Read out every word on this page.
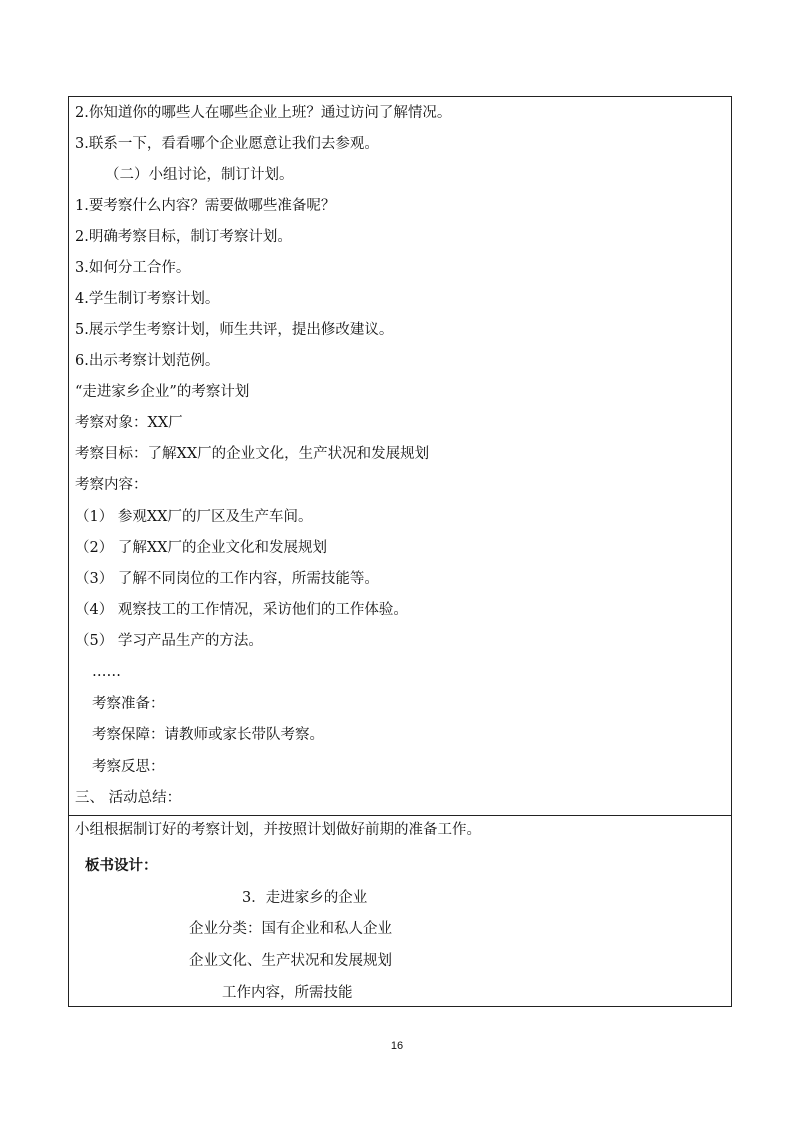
2.你知道你的哪些人在哪些企业上班？通过访问了解情况。
3.联系一下，看看哪个企业愿意让我们去参观。
（二）小组讨论，制订计划。
1.要考察什么内容？需要做哪些准备呢？
2.明确考察目标，制订考察计划。
3.如何分工合作。
4.学生制订考察计划。
5.展示学生考察计划，师生共评，提出修改建议。
6.出示考察计划范例。
“走进家乡企业”的考察计划
考察对象：XX厂
考察目标：了解XX厂的企业文化，生产状况和发展规划
考察内容：
（1） 参观XX厂的厂区及生产车间。
（2） 了解XX厂的企业文化和发展规划
（3） 了解不同岗位的工作内容，所需技能等。
（4） 观察技工的工作情况，采访他们的工作体验。
（5） 学习产品生产的方法。
……
考察准备：
考察保障：请教师或家长带队考察。
考察反思：
三、 活动总结：
小组根据制订好的考察计划，并按照计划做好前期的准备工作。
板书设计：
3．走进家乡的企业
企业分类：国有企业和私人企业
企业文化、生产状况和发展规划
工作内容，所需技能
16
